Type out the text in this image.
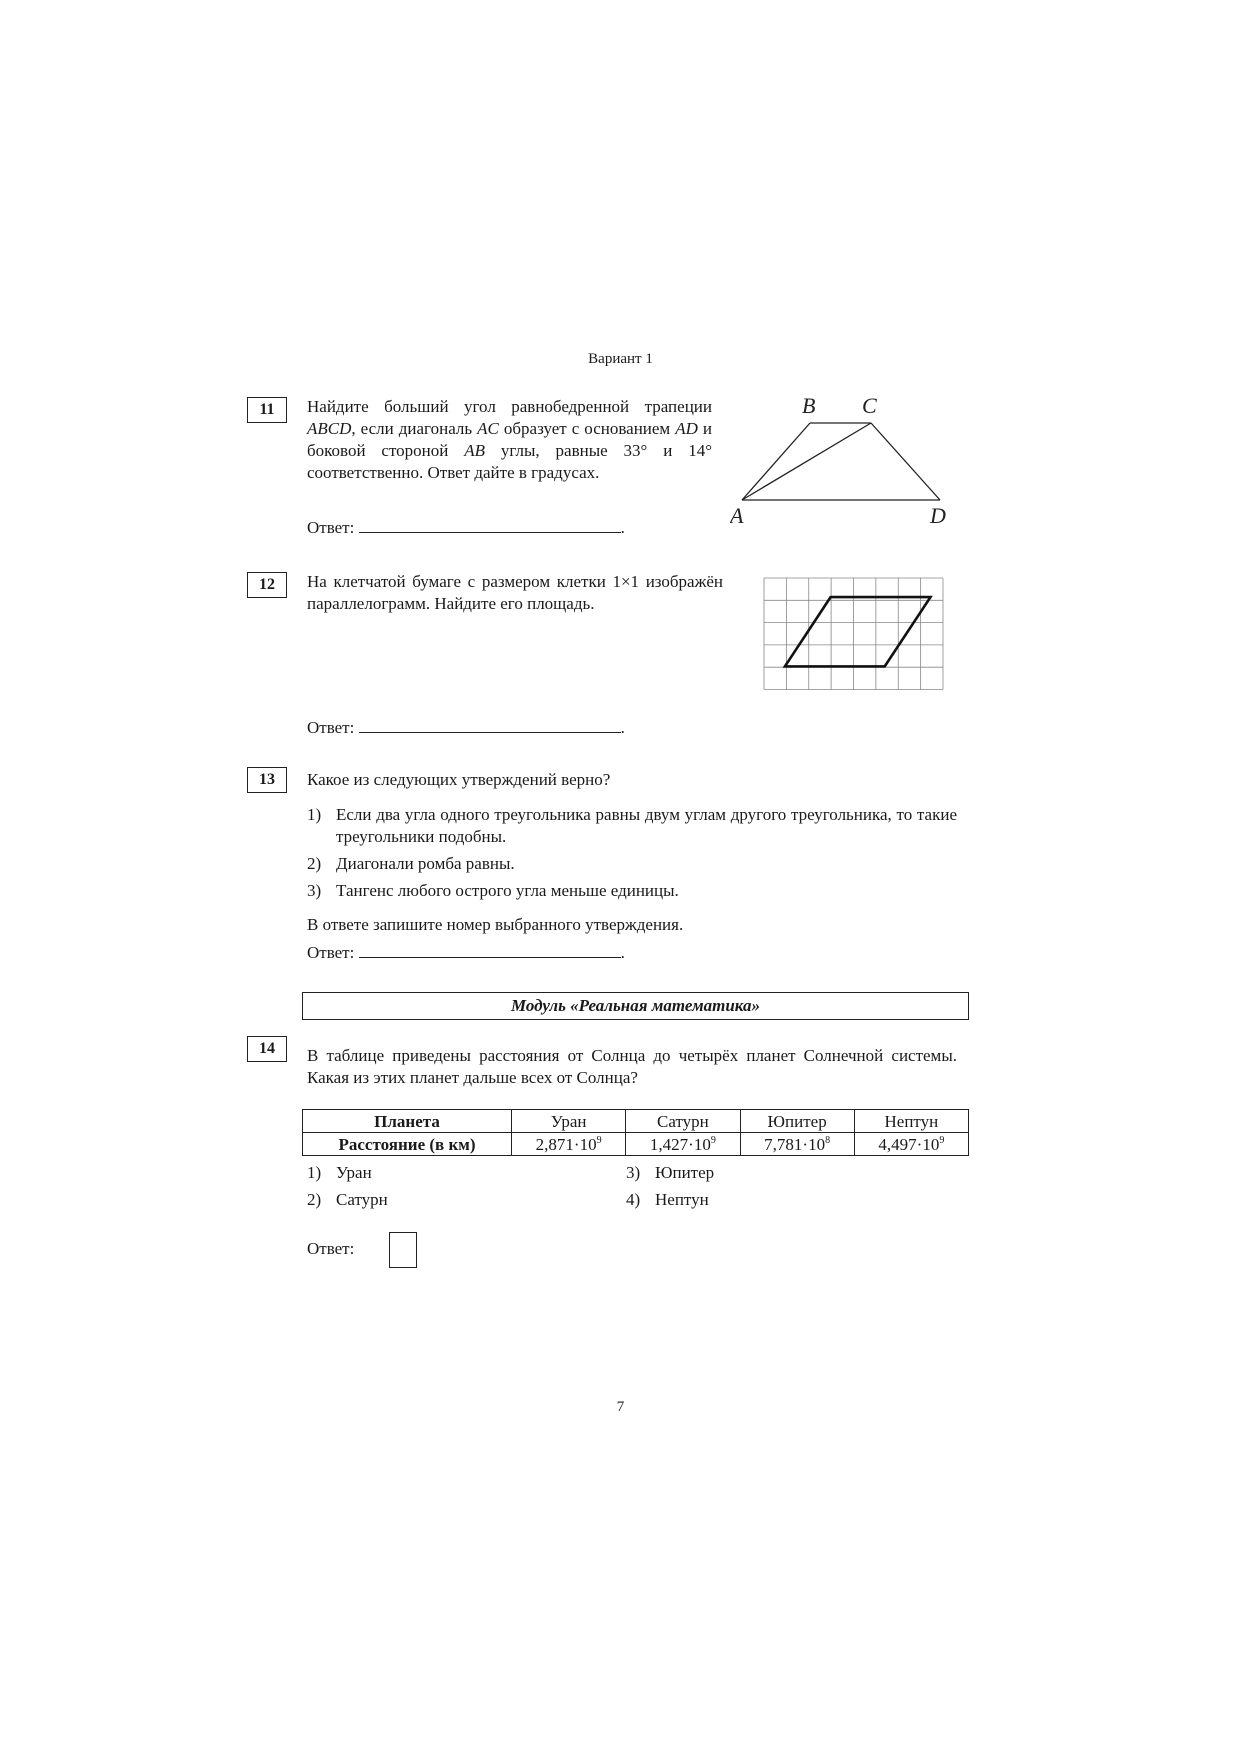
Вариант 1
11	Найдите больший угол равнобедренной трапеции ABCD, если диагональ AC образует с основанием AD и боковой стороной AB углы, равные 33° и 14° соответственно. Ответ дайте в градусах.

Ответ:	.
B C
A	D
12	На клетчатой бумаге с размером клетки 1×1 изображён параллелограмм. Найдите его площадь.

Ответ:	.
13	Какое из следующих утверждений верно?

1) Если два угла одного треугольника равны двум углам другого треугольника, то такие треугольники подобны.
2) Диагонали ромба равны.
3) Тангенс любого острого угла меньше единицы.

В ответе запишите номер выбранного утверждения.

Ответ:	.
Модуль «Реальная математика»
14	В таблице приведены расстояния от Солнца до четырёх планет Солнечной системы. Какая из этих планет дальше всех от Солнца?

Планета	Уран	Сатурн	Юпитер	Нептун
Расстояние (в км)	$2,871\cdot 10^9$	$1,427\cdot 10^9$	$7,781\cdot 10^8$	$4,497\cdot 10^9$
1) Уран
2) Сатурн
3) Юпитер
4) Нептун
Ответ:
7
